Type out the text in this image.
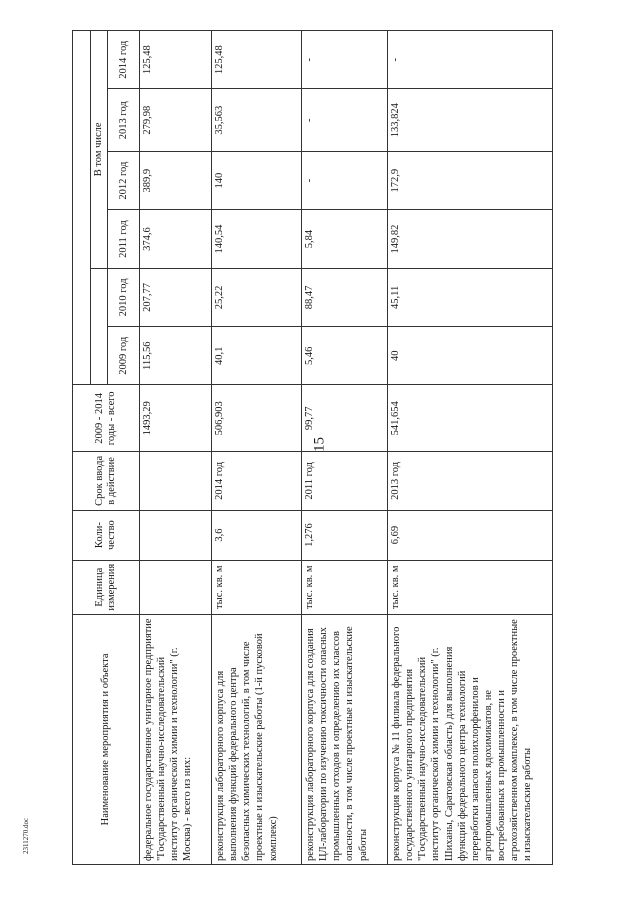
15
2311270.doc
Наименование мероприятия и объекта	Единица измерения	Коли-чество	Срок ввода в действие	2009 - 2014 годы - всего						
							В том числе			
					2009 год	2010 год	2011 год	2012 год	2013 год	2014 год
федеральное государственное унитарное предприятие "Государственный научно-исследовательский институт органической химии и технологии" (г. Москва) - всего из них:				1493,29	115,56	207,77	374,6	389,9	279,98	125,48
реконструкция лабораторного корпуса для выполнения функций федерального центра безопасных химических технологий, в том числе проектные и изыскательские работы (1-й пусковой комплекс)	тыс. кв. м	3,6	2014 год	506,903	40,1	25,22	140,54	140	35,563	125,48
реконструкция лабораторного корпуса для создания ЦЛ-лаборатории по изучению токсичности опасных промышленных отходов и определению их классов опасности, в том числе проектные и изыскательские работы	тыс. кв. м	1,276	2011 год	99,77	5,46	88,47	5,84	-	-	-
реконструкция корпуса № 11 филиала федерального государственного унитарного предприятия "Государственный научно-исследовательский институт органической химии и технологии" (г. Шиханы, Саратовская область) для выполнения функций федерального центра технологий переработки запасов полихлорфенилов и агропромышленных ядохимикатов, не востребованных в промышленности и агрохозяйственном комплексе, в том числе проектные и изыскательские работы	тыс. кв. м	6,69	2013 год	541,654	40	45,11	149,82	172,9	133,824	-
